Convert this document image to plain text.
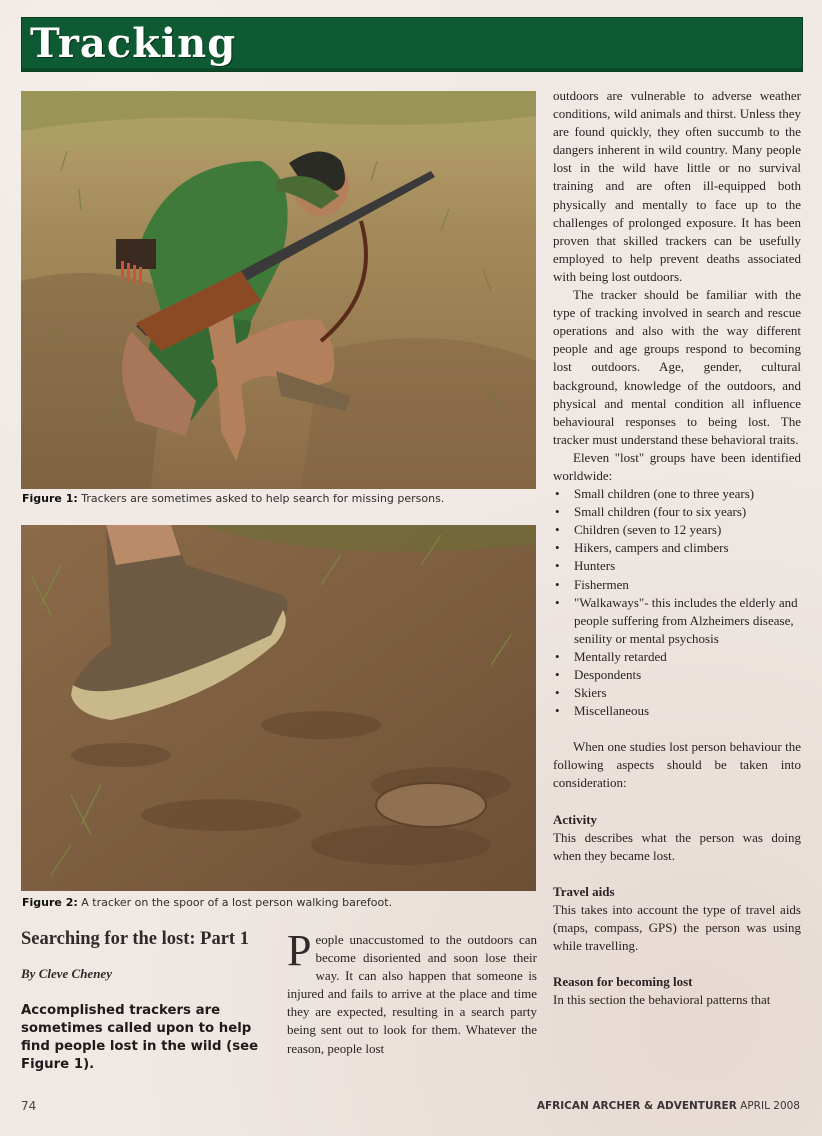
Tracking
Figure 1: Trackers are sometimes asked to help search for missing persons.
Figure 2: A tracker on the spoor of a lost person walking barefoot.
Searching for the lost: Part 1
By Cleve Cheney
Accomplished trackers are sometimes called upon to help find people lost in the wild (see Figure 1).
People unaccustomed to the outdoors can become disoriented and soon lose their way. It can also happen that someone is injured and fails to arrive at the place and time they are expected, resulting in a search party being sent out to look for them. Whatever the reason, people lost

outdoors are vulnerable to adverse weather conditions, wild animals and thirst. Unless they are found quickly, they often succumb to the dangers inherent in wild country. Many people lost in the wild have little or no survival training and are often ill-equipped both physically and mentally to face up to the challenges of prolonged exposure. It has been proven that skilled trackers can be usefully employed to help prevent deaths associated with being lost outdoors.

The tracker should be familiar with the type of tracking involved in search and rescue operations and also with the way different people and age groups respond to becoming lost outdoors. Age, gender, cultural background, knowledge of the outdoors, and physical and mental condition all influence behavioural responses to being lost. The tracker must understand these behavioral traits.

Eleven "lost" groups have been identified worldwide:

• Small children (one to three years)
• Small children (four to six years)
• Children (seven to 12 years)
• Hikers, campers and climbers
• Hunters
• Fishermen
• "Walkaways"- this includes the elderly and people suffering from Alzheimers disease, senility or mental psychosis
• Mentally retarded
• Despondents
• Skiers
• Miscellaneous

When one studies lost person behaviour the following aspects should be taken into consideration:

Activity

This describes what the person was doing when they became lost.

Travel aids

This takes into account the type of travel aids (maps, compass, GPS) the person was using while travelling.

Reason for becoming lost

In this section the behavioral patterns that

74	AFRICAN ARCHER & ADVENTURER APRIL 2008
